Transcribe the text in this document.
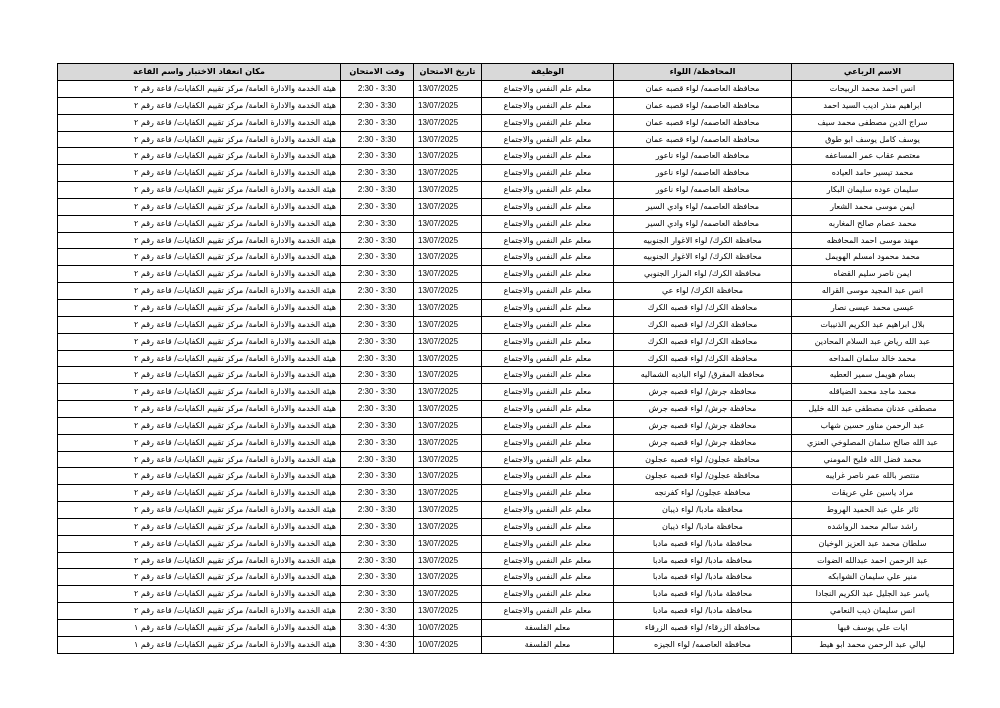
الاسم الرباعي	المحافظة/ اللواء	الوظيفة	تاريخ الامتحان	وقت الامتحان	مكان انعقاد الاختبار واسم القاعة
انس احمد محمد الربيحات	محافظة العاصمه/ لواء قصبه عمان	معلم علم النفس والاجتماع	13/07/2025	2:30 - 3:30	هيئة الخدمة والادارة العامة/ مركز تقييم الكفايات/ قاعة رقم ٢
ابراهيم منذر اديب السيد احمد	محافظة العاصمه/ لواء قصبه عمان	معلم علم النفس والاجتماع	13/07/2025	2:30 - 3:30	هيئة الخدمة والادارة العامة/ مركز تقييم الكفايات/ قاعة رقم ٢
سراج الدين مصطفى محمد سيف	محافظة العاصمه/ لواء قصبه عمان	معلم علم النفس والاجتماع	13/07/2025	2:30 - 3:30	هيئة الخدمة والادارة العامة/ مركز تقييم الكفايات/ قاعة رقم ٢
يوسف كامل يوسف ابو طوق	محافظة العاصمه/ لواء قصبه عمان	معلم علم النفس والاجتماع	13/07/2025	2:30 - 3:30	هيئة الخدمة والادارة العامة/ مركز تقييم الكفايات/ قاعة رقم ٢
معتصم عقاب عمر المساعفه	محافظة العاصمه/ لواء ناعور	معلم علم النفس والاجتماع	13/07/2025	2:30 - 3:30	هيئة الخدمة والادارة العامة/ مركز تقييم الكفايات/ قاعة رقم ٢
محمد تيسير حامد العياده	محافظة العاصمه/ لواء ناعور	معلم علم النفس والاجتماع	13/07/2025	2:30 - 3:30	هيئة الخدمة والادارة العامة/ مركز تقييم الكفايات/ قاعة رقم ٢
سليمان عوده سليمان البكار	محافظة العاصمه/ لواء ناعور	معلم علم النفس والاجتماع	13/07/2025	2:30 - 3:30	هيئة الخدمة والادارة العامة/ مركز تقييم الكفايات/ قاعة رقم ٢
ايمن موسى محمد الشعار	محافظة العاصمه/ لواء وادي السير	معلم علم النفس والاجتماع	13/07/2025	2:30 - 3:30	هيئة الخدمة والادارة العامة/ مركز تقييم الكفايات/ قاعة رقم ٢
محمد عصام صالح المغاربه	محافظة العاصمه/ لواء وادي السير	معلم علم النفس والاجتماع	13/07/2025	2:30 - 3:30	هيئة الخدمة والادارة العامة/ مركز تقييم الكفايات/ قاعة رقم ٢
مهند موسى احمد المحافظه	محافظة الكرك/ لواء الاغوار الجنوبيه	معلم علم النفس والاجتماع	13/07/2025	2:30 - 3:30	هيئة الخدمة والادارة العامة/ مركز تقييم الكفايات/ قاعة رقم ٢
محمد محمود امسلم الهويمل	محافظة الكرك/ لواء الاغوار الجنوبيه	معلم علم النفس والاجتماع	13/07/2025	2:30 - 3:30	هيئة الخدمة والادارة العامة/ مركز تقييم الكفايات/ قاعة رقم ٢
ايمن ناصر سليم القضاه	محافظة الكرك/ لواء المزار الجنوبي	معلم علم النفس والاجتماع	13/07/2025	2:30 - 3:30	هيئة الخدمة والادارة العامة/ مركز تقييم الكفايات/ قاعة رقم ٢
انس عبد المجيد موسى القراله	محافظة الكرك/ لواء عي	معلم علم النفس والاجتماع	13/07/2025	2:30 - 3:30	هيئة الخدمة والادارة العامة/ مركز تقييم الكفايات/ قاعة رقم ٢
عيسى محمد عيسى نصار	محافظة الكرك/ لواء قصبه الكرك	معلم علم النفس والاجتماع	13/07/2025	2:30 - 3:30	هيئة الخدمة والادارة العامة/ مركز تقييم الكفايات/ قاعة رقم ٢
بلال ابراهيم عبد الكريم الذنيبات	محافظة الكرك/ لواء قصبه الكرك	معلم علم النفس والاجتماع	13/07/2025	2:30 - 3:30	هيئة الخدمة والادارة العامة/ مركز تقييم الكفايات/ قاعة رقم ٢
عبد الله رياض عبد السلام المحادين	محافظة الكرك/ لواء قصبه الكرك	معلم علم النفس والاجتماع	13/07/2025	2:30 - 3:30	هيئة الخدمة والادارة العامة/ مركز تقييم الكفايات/ قاعة رقم ٢
محمد خالد سلمان المداحه	محافظة الكرك/ لواء قصبه الكرك	معلم علم النفس والاجتماع	13/07/2025	2:30 - 3:30	هيئة الخدمة والادارة العامة/ مركز تقييم الكفايات/ قاعة رقم ٢
بسام هويمل سمير العطيه	محافظة المفرق/ لواء الباديه الشماليه	معلم علم النفس والاجتماع	13/07/2025	2:30 - 3:30	هيئة الخدمة والادارة العامة/ مركز تقييم الكفايات/ قاعة رقم ٢
محمد ماجد محمد الضياقله	محافظة جرش/ لواء قصبه جرش	معلم علم النفس والاجتماع	13/07/2025	2:30 - 3:30	هيئة الخدمة والادارة العامة/ مركز تقييم الكفايات/ قاعة رقم ٢
مصطفى عدنان مصطفى عبد الله خليل	محافظة جرش/ لواء قصبه جرش	معلم علم النفس والاجتماع	13/07/2025	2:30 - 3:30	هيئة الخدمة والادارة العامة/ مركز تقييم الكفايات/ قاعة رقم ٢
عبد الرحمن مناور حسين شهاب	محافظة جرش/ لواء قصبه جرش	معلم علم النفس والاجتماع	13/07/2025	2:30 - 3:30	هيئة الخدمة والادارة العامة/ مركز تقييم الكفايات/ قاعة رقم ٢
عبد الله صالح سلمان المصلوخي العنزي	محافظة جرش/ لواء قصبه جرش	معلم علم النفس والاجتماع	13/07/2025	2:30 - 3:30	هيئة الخدمة والادارة العامة/ مركز تقييم الكفايات/ قاعة رقم ٢
محمد فضل الله فليح المومني	محافظة عجلون/ لواء قصبه عجلون	معلم علم النفس والاجتماع	13/07/2025	2:30 - 3:30	هيئة الخدمة والادارة العامة/ مركز تقييم الكفايات/ قاعة رقم ٢
منتصر بالله عمر ناصر غرايبه	محافظة عجلون/ لواء قصبه عجلون	معلم علم النفس والاجتماع	13/07/2025	2:30 - 3:30	هيئة الخدمة والادارة العامة/ مركز تقييم الكفايات/ قاعة رقم ٢
مراد ياسين علي عريقات	محافظة عجلون/ لواء كفرنجه	معلم علم النفس والاجتماع	13/07/2025	2:30 - 3:30	هيئة الخدمة والادارة العامة/ مركز تقييم الكفايات/ قاعة رقم ٢
ثائر علي عبد الحميد الهروط	محافظة مادبا/ لواء ذيبان	معلم علم النفس والاجتماع	13/07/2025	2:30 - 3:30	هيئة الخدمة والادارة العامة/ مركز تقييم الكفايات/ قاعة رقم ٢
راشد سالم محمد الرواشده	محافظة مادبا/ لواء ذيبان	معلم علم النفس والاجتماع	13/07/2025	2:30 - 3:30	هيئة الخدمة والادارة العامة/ مركز تقييم الكفايات/ قاعة رقم ٢
سلطان محمد عبد العزيز الوخيان	محافظة مادبا/ لواء قصبه مادبا	معلم علم النفس والاجتماع	13/07/2025	2:30 - 3:30	هيئة الخدمة والادارة العامة/ مركز تقييم الكفايات/ قاعة رقم ٢
عبد الرحمن احمد عبدالله الضوات	محافظة مادبا/ لواء قصبه مادبا	معلم علم النفس والاجتماع	13/07/2025	2:30 - 3:30	هيئة الخدمة والادارة العامة/ مركز تقييم الكفايات/ قاعة رقم ٢
منير علي سليمان الشوابكه	محافظة مادبا/ لواء قصبه مادبا	معلم علم النفس والاجتماع	13/07/2025	2:30 - 3:30	هيئة الخدمة والادارة العامة/ مركز تقييم الكفايات/ قاعة رقم ٢
ياسر عبد الجليل عبد الكريم النجادا	محافظة مادبا/ لواء قصبه مادبا	معلم علم النفس والاجتماع	13/07/2025	2:30 - 3:30	هيئة الخدمة والادارة العامة/ مركز تقييم الكفايات/ قاعة رقم ٢
انس سليمان ذيب النعامي	محافظة مادبا/ لواء قصبه مادبا	معلم علم النفس والاجتماع	13/07/2025	2:30 - 3:30	هيئة الخدمة والادارة العامة/ مركز تقييم الكفايات/ قاعة رقم ٢
ايات علي يوسف قبها	محافظة الزرقاء/ لواء قصبه الزرقاء	معلم الفلسفة	10/07/2025	3:30 - 4:30	هيئة الخدمة والادارة العامة/ مركز تقييم الكفايات/ قاعة رقم ١
ليالي عبد الرحمن محمد ابو هيط	محافظة العاصمه/ لواء الجيزه	معلم الفلسفة	10/07/2025	3:30 - 4:30	هيئة الخدمة والادارة العامة/ مركز تقييم الكفايات/ قاعة رقم ١
